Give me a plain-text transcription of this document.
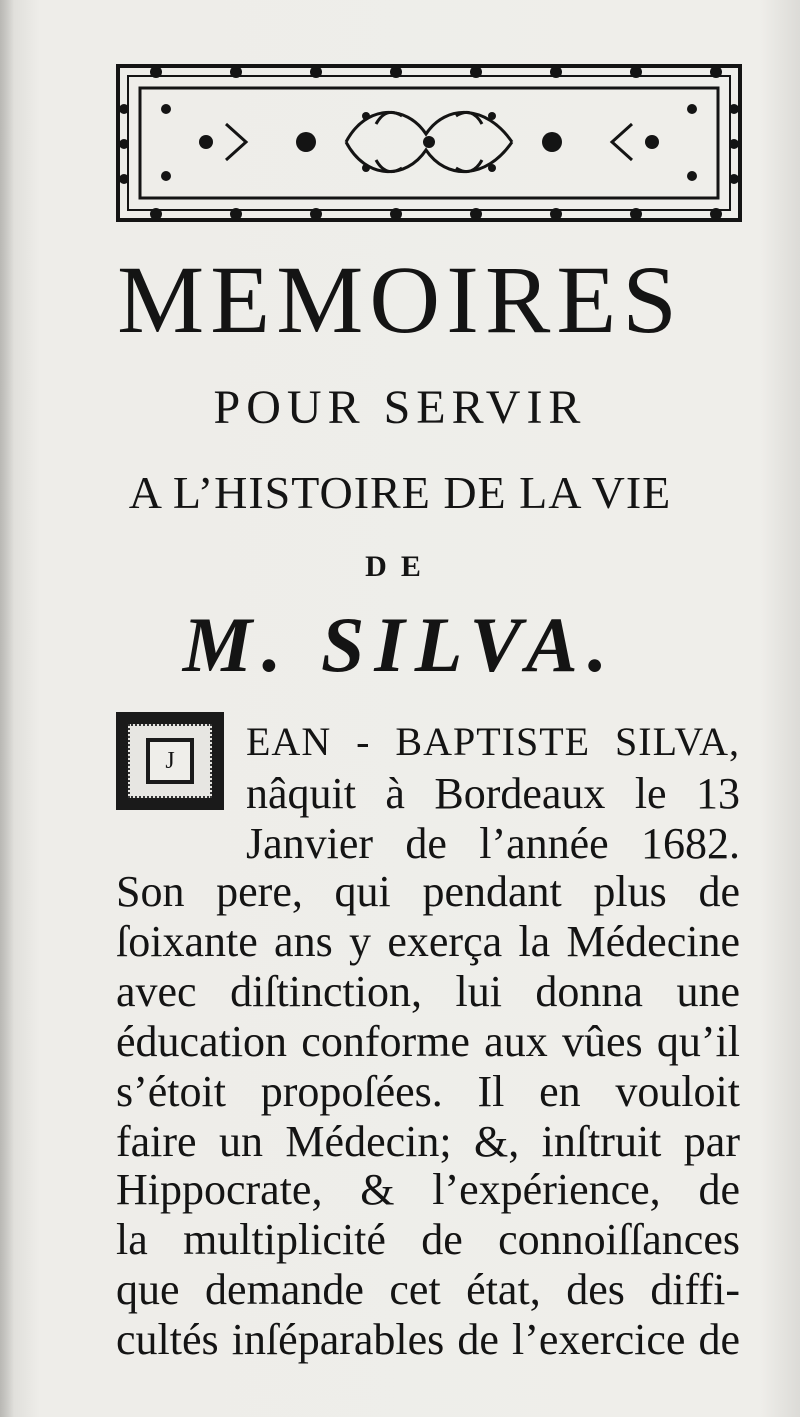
MEMOIRES
POUR SERVIR
A L’HISTOIRE DE LA VIE
DE
M. SILVA.
J	EAN - BAPTISTE SILVA,
nâquit à Bordeaux le 13
Janvier de l’année 1682.
Son pere, qui pendant plus de
ſoixante ans y exerça la Médecine
avec diſtinction, lui donna une
éducation conforme aux vûes qu’il
s’étoit propoſées. Il en vouloit
faire un Médecin; &, inſtruit par
Hippocrate, & l’expérience, de
la multiplicité de connoiſſances
que demande cet état, des diffi-
cultés inſéparables de l’exercice de
